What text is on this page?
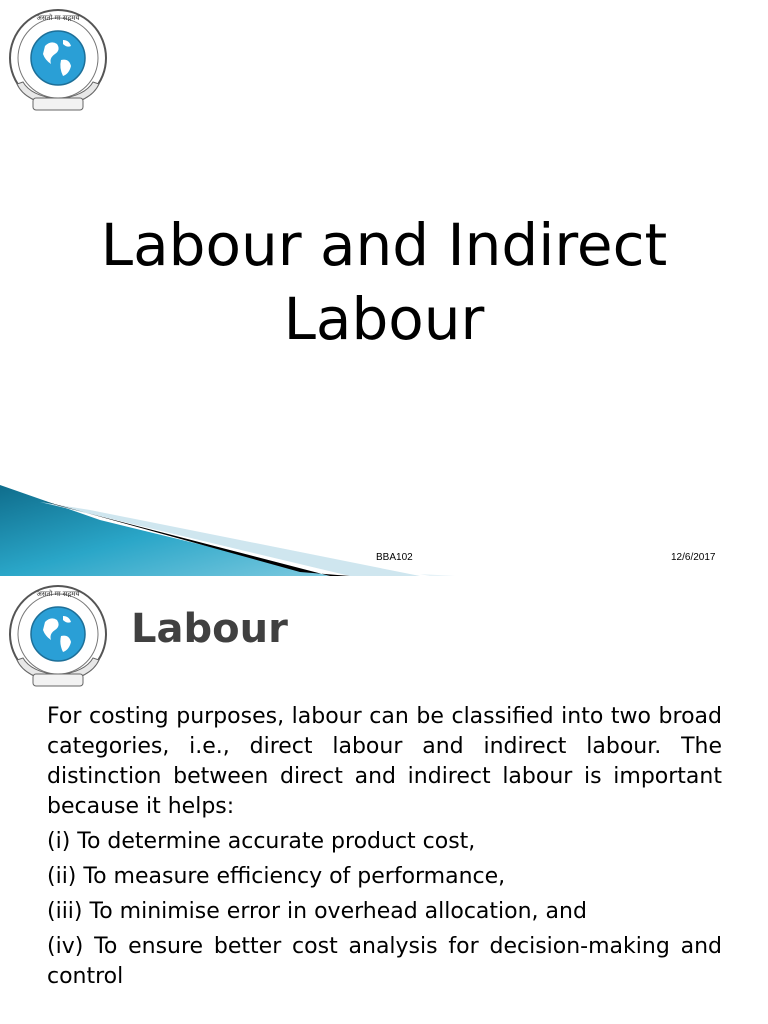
असतो मा सद्गमय
Labour and Indirect
Labour
BBA102	12/6/2017
असतो मा सद्गमय
Labour

For costing purposes, labour can be classified into two broad categories, i.e., direct labour and indirect labour. The distinction between direct and indirect labour is important because it helps:

(i) To determine accurate product cost,

(ii) To measure efficiency of performance,

(iii) To minimise error in overhead allocation, and

(iv) To ensure better cost analysis for decision-making and control
